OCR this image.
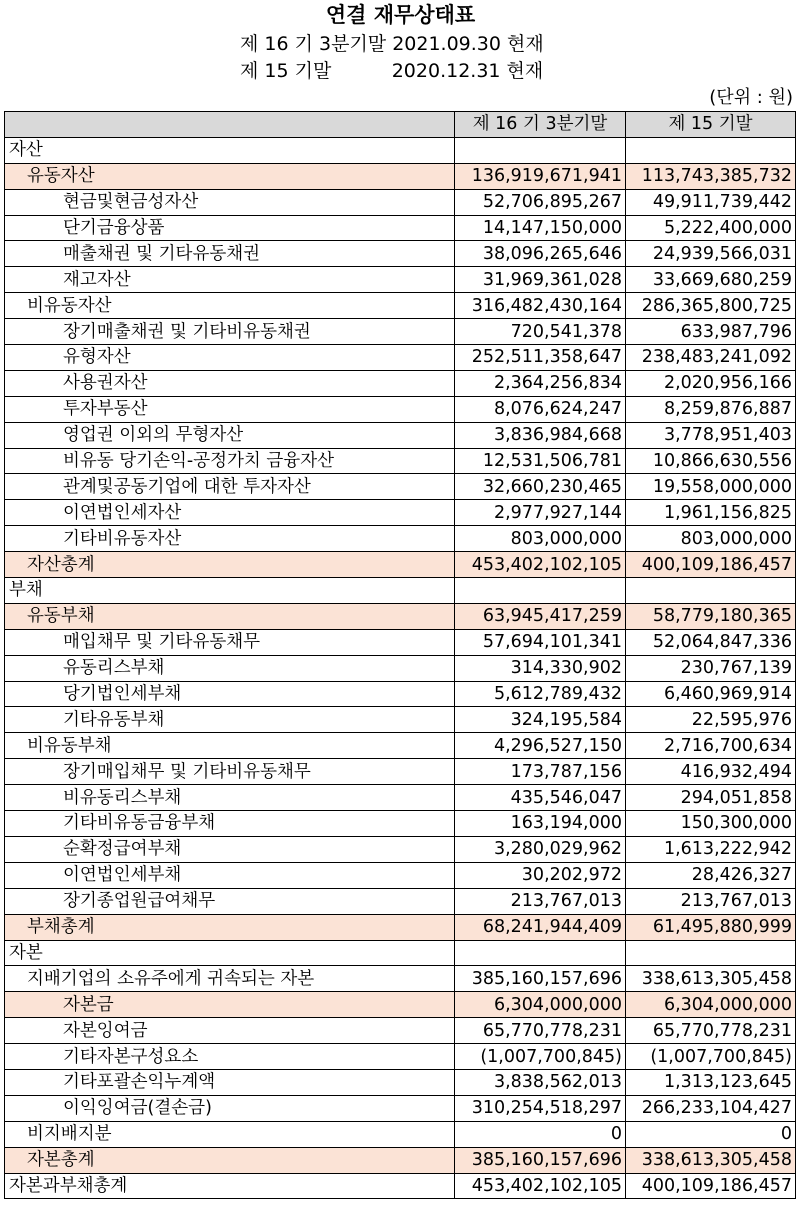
연결 재무상태표
제 16 기 3분기말 2021.09.30 현재
제 15 기말          2020.12.31 현재
(단위 : 원)
	제 16 기 3분기말	제 15 기말
자산		
유동자산	136,919,671,941	113,743,385,732
현금및현금성자산	52,706,895,267	49,911,739,442
단기금융상품	14,147,150,000	5,222,400,000
매출채권 및 기타유동채권	38,096,265,646	24,939,566,031
재고자산	31,969,361,028	33,669,680,259
비유동자산	316,482,430,164	286,365,800,725
장기매출채권 및 기타비유동채권	720,541,378	633,987,796
유형자산	252,511,358,647	238,483,241,092
사용권자산	2,364,256,834	2,020,956,166
투자부동산	8,076,624,247	8,259,876,887
영업권 이외의 무형자산	3,836,984,668	3,778,951,403
비유동 당기손익-공정가치 금융자산	12,531,506,781	10,866,630,556
관계및공동기업에 대한 투자자산	32,660,230,465	19,558,000,000
이연법인세자산	2,977,927,144	1,961,156,825
기타비유동자산	803,000,000	803,000,000
자산총계	453,402,102,105	400,109,186,457
부채		
유동부채	63,945,417,259	58,779,180,365
매입채무 및 기타유동채무	57,694,101,341	52,064,847,336
유동리스부채	314,330,902	230,767,139
당기법인세부채	5,612,789,432	6,460,969,914
기타유동부채	324,195,584	22,595,976
비유동부채	4,296,527,150	2,716,700,634
장기매입채무 및 기타비유동채무	173,787,156	416,932,494
비유동리스부채	435,546,047	294,051,858
기타비유동금융부채	163,194,000	150,300,000
순확정급여부채	3,280,029,962	1,613,222,942
이연법인세부채	30,202,972	28,426,327
장기종업원급여채무	213,767,013	213,767,013
부채총계	68,241,944,409	61,495,880,999
자본		
지배기업의 소유주에게 귀속되는 자본	385,160,157,696	338,613,305,458
자본금	6,304,000,000	6,304,000,000
자본잉여금	65,770,778,231	65,770,778,231
기타자본구성요소	(1,007,700,845)	(1,007,700,845)
기타포괄손익누계액	3,838,562,013	1,313,123,645
이익잉여금(결손금)	310,254,518,297	266,233,104,427
비지배지분	0	0
자본총계	385,160,157,696	338,613,305,458
자본과부채총계	453,402,102,105	400,109,186,457
